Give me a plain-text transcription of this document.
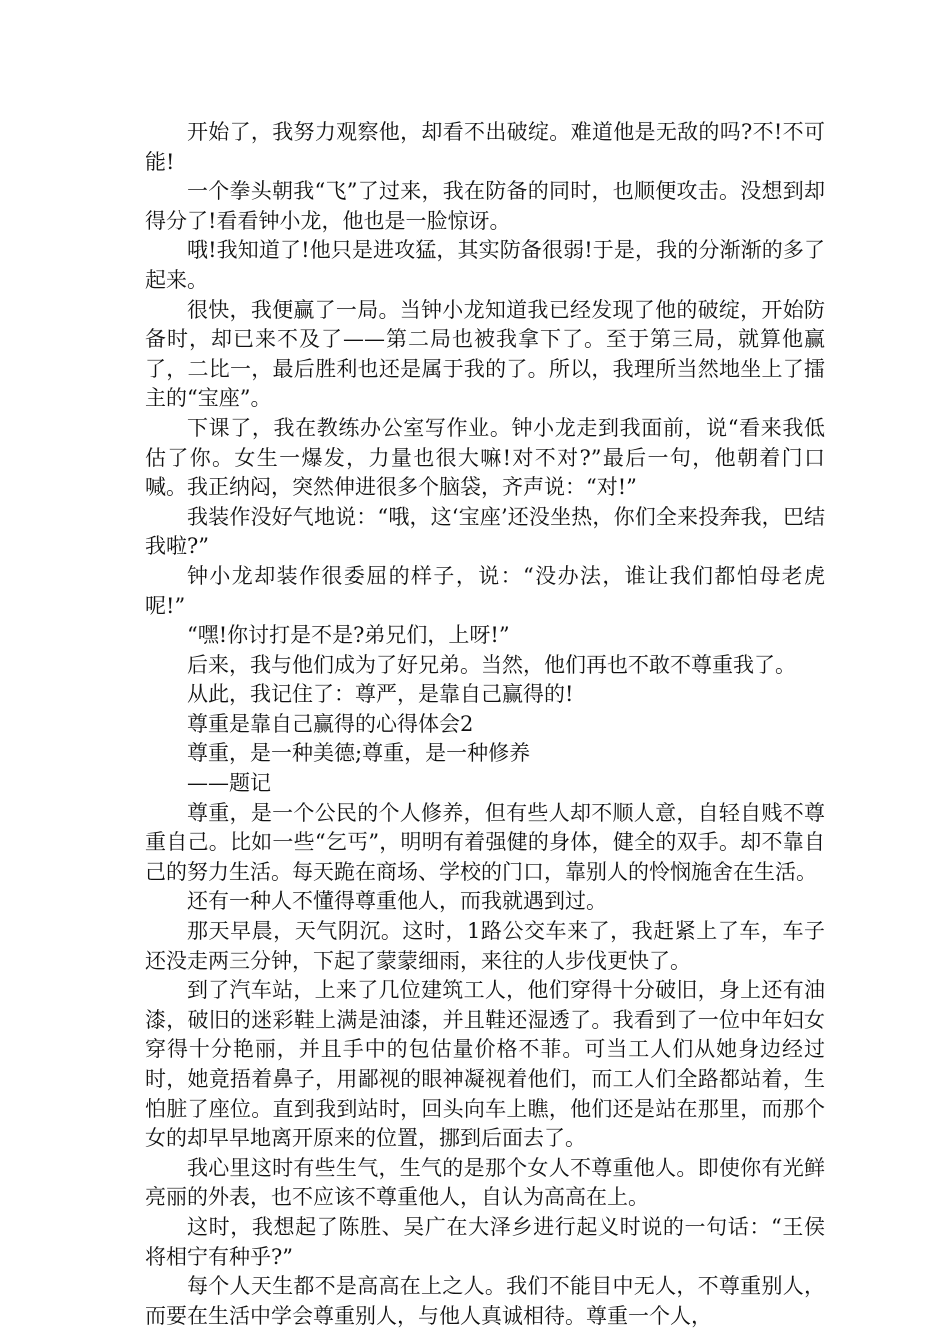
开始了，我努力观察他，却看不出破绽。难道他是无敌的吗?不!不可能!

一个拳头朝我“飞”了过来，我在防备的同时，也顺便攻击。没想到却得分了!看看钟小龙，他也是一脸惊讶。

哦!我知道了!他只是进攻猛，其实防备很弱!于是，我的分渐渐的多了起来。

很快，我便赢了一局。当钟小龙知道我已经发现了他的破绽，开始防备时，却已来不及了——第二局也被我拿下了。至于第三局，就算他赢了，二比一，最后胜利也还是属于我的了。所以，我理所当然地坐上了擂主的“宝座”。

下课了，我在教练办公室写作业。钟小龙走到我面前，说“看来我低估了你。女生一爆发，力量也很大嘛!对不对?”最后一句，他朝着门口喊。我正纳闷，突然伸进很多个脑袋，齐声说：“对!”

我装作没好气地说：“哦，这‘宝座’还没坐热，你们全来投奔我，巴结我啦?”

钟小龙却装作很委屈的样子，说：“没办法，谁让我们都怕母老虎呢!”

“嘿!你讨打是不是?弟兄们，上呀!”

后来，我与他们成为了好兄弟。当然，他们再也不敢不尊重我了。

从此，我记住了：尊严，是靠自己赢得的!

尊重是靠自己赢得的心得体会2

尊重，是一种美德;尊重，是一种修养

——题记

尊重，是一个公民的个人修养，但有些人却不顺人意，自轻自贱不尊重自己。比如一些“乞丐”，明明有着强健的身体，健全的双手。却不靠自己的努力生活。每天跪在商场、学校的门口，靠别人的怜悯施舍在生活。

还有一种人不懂得尊重他人，而我就遇到过。

那天早晨，天气阴沉。这时，1路公交车来了，我赶紧上了车，车子还没走两三分钟，下起了蒙蒙细雨，来往的人步伐更快了。

到了汽车站，上来了几位建筑工人，他们穿得十分破旧，身上还有油漆，破旧的迷彩鞋上满是油漆，并且鞋还湿透了。我看到了一位中年妇女穿得十分艳丽，并且手中的包估量价格不菲。可当工人们从她身边经过时，她竟捂着鼻子，用鄙视的眼神凝视着他们，而工人们全路都站着，生怕脏了座位。直到我到站时，回头向车上瞧，他们还是站在那里，而那个女的却早早地离开原来的位置，挪到后面去了。

我心里这时有些生气，生气的是那个女人不尊重他人。即使你有光鲜亮丽的外表，也不应该不尊重他人，自认为高高在上。

这时，我想起了陈胜、吴广在大泽乡进行起义时说的一句话：“王侯将相宁有种乎?”

每个人天生都不是高高在上之人。我们不能目中无人，不尊重别人，而要在生活中学会尊重别人，与他人真诚相待。尊重一个人，
